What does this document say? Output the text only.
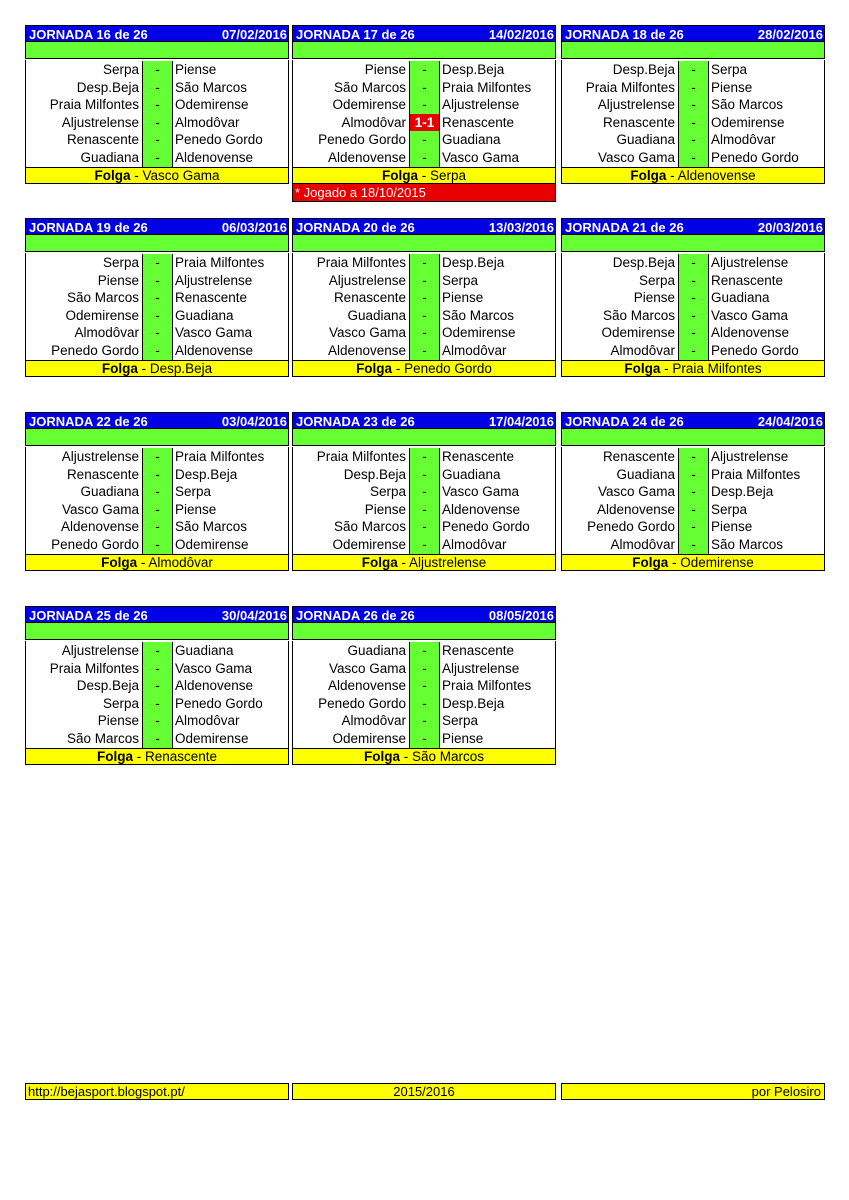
JORNADA 16 de 26	07/02/2016
Serpa	-	Piense
Desp.Beja	-	São Marcos
Praia Milfontes	-	Odemirense
Aljustrelense	-	Almodôvar
Renascente	-	Penedo Gordo
Guadiana	-	Aldenovense
Folga - Vasco Gama
JORNADA 17 de 26	14/02/2016
Piense	-	Desp.Beja
São Marcos	-	Praia Milfontes
Odemirense	-	Aljustrelense
Almodôvar 1-1 Renascente
Penedo Gordo	-	Guadiana
Aldenovense	-	Vasco Gama
Folga - Serpa
* Jogado a 18/10/2015
JORNADA 18 de 26	28/02/2016
Desp.Beja	-	Serpa
Praia Milfontes	-	Piense
Aljustrelense	-	São Marcos
Renascente	-	Odemirense
Guadiana	-	Almodôvar
Vasco Gama	-	Penedo Gordo
Folga - Aldenovense
JORNADA 19 de 26	06/03/2016
Serpa	-	Praia Milfontes
Piense	-	Aljustrelense
São Marcos	-	Renascente
Odemirense	-	Guadiana
Almodôvar	-	Vasco Gama
Penedo Gordo	-	Aldenovense
Folga - Desp.Beja
JORNADA 20 de 26	13/03/2016
Praia Milfontes	-	Desp.Beja
Aljustrelense	-	Serpa
Renascente	-	Piense
Guadiana	-	São Marcos
Vasco Gama	-	Odemirense
Aldenovense	-	Almodôvar
Folga - Penedo Gordo
JORNADA 21 de 26	20/03/2016
Desp.Beja	-	Aljustrelense
Serpa	-	Renascente
Piense	-	Guadiana
São Marcos	-	Vasco Gama
Odemirense	-	Aldenovense
Almodôvar	-	Penedo Gordo
Folga - Praia Milfontes
JORNADA 22 de 26	03/04/2016
Aljustrelense	-	Praia Milfontes
Renascente	-	Desp.Beja
Guadiana	-	Serpa
Vasco Gama	-	Piense
Aldenovense	-	São Marcos
Penedo Gordo	-	Odemirense
Folga - Almodôvar
JORNADA 23 de 26	17/04/2016
Praia Milfontes	-	Renascente
Desp.Beja	-	Guadiana
Serpa	-	Vasco Gama
Piense	-	Aldenovense
São Marcos	-	Penedo Gordo
Odemirense	-	Almodôvar
Folga - Aljustrelense
JORNADA 24 de 26	24/04/2016
Renascente	-	Aljustrelense
Guadiana	-	Praia Milfontes
Vasco Gama	-	Desp.Beja
Aldenovense	-	Serpa
Penedo Gordo	-	Piense
Almodôvar	-	São Marcos
Folga - Odemirense
JORNADA 25 de 26	30/04/2016
Aljustrelense	-	Guadiana
Praia Milfontes	-	Vasco Gama
Desp.Beja	-	Aldenovense
Serpa	-	Penedo Gordo
Piense	-	Almodôvar
São Marcos	-	Odemirense
Folga - Renascente
JORNADA 26 de 26	08/05/2016
Guadiana	-	Renascente
Vasco Gama	-	Aljustrelense
Aldenovense	-	Praia Milfontes
Penedo Gordo	-	Desp.Beja
Almodôvar	-	Serpa
Odemirense	-	Piense
Folga - São Marcos
http://bejasport.blogspot.pt/	2015/2016	por Pelosiro
